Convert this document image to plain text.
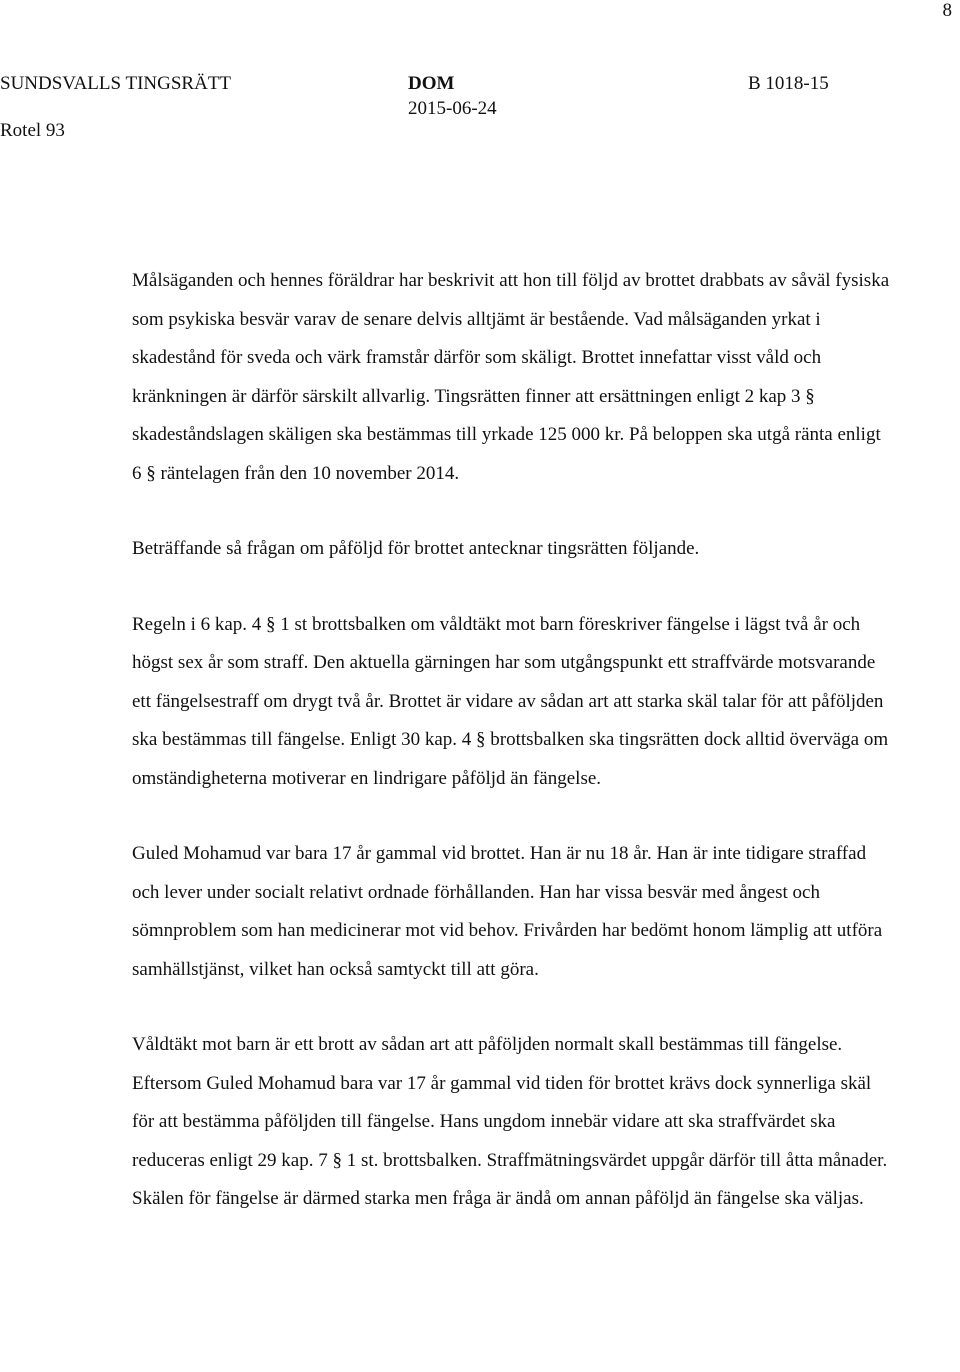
8
SUNDSVALLS TINGSRÄTT
Rotel 93
DOM
2015-06-24
B 1018-15

Målsäganden och hennes föräldrar har beskrivit att hon till följd av brottet drabbats av såväl fysiska som psykiska besvär varav de senare delvis alltjämt är bestående. Vad målsäganden yrkat i skadestånd för sveda och värk framstår därför som skäligt. Brottet innefattar visst våld och kränkningen är därför särskilt allvarlig. Tingsrätten finner att ersättningen enligt 2 kap 3 § skadeståndslagen skäligen ska bestämmas till yrkade 125 000 kr. På beloppen ska utgå ränta enligt 6 § räntelagen från den 10 november 2014.

Beträffande så frågan om påföljd för brottet antecknar tingsrätten följande.

Regeln i 6 kap. 4 § 1 st brottsbalken om våldtäkt mot barn föreskriver fängelse i lägst två år och högst sex år som straff. Den aktuella gärningen har som utgångspunkt ett straffvärde motsvarande ett fängelsestraff om drygt två år. Brottet är vidare av sådan art att starka skäl talar för att påföljden ska bestämmas till fängelse. Enligt 30 kap. 4 § brottsbalken ska tingsrätten dock alltid överväga om omständigheterna motiverar en lindrigare påföljd än fängelse.

Guled Mohamud var bara 17 år gammal vid brottet. Han är nu 18 år. Han är inte tidigare straffad och lever under socialt relativt ordnade förhållanden. Han har vissa besvär med ångest och sömnproblem som han medicinerar mot vid behov. Frivården har bedömt honom lämplig att utföra samhällstjänst, vilket han också samtyckt till att göra.

Våldtäkt mot barn är ett brott av sådan art att påföljden normalt skall bestämmas till fängelse. Eftersom Guled Mohamud bara var 17 år gammal vid tiden för brottet krävs dock synnerliga skäl för att bestämma påföljden till fängelse. Hans ungdom innebär vidare att ska straffvärdet ska reduceras enligt 29 kap. 7 § 1 st. brottsbalken. Straffmätningsvärdet uppgår därför till åtta månader. Skälen för fängelse är därmed starka men fråga är ändå om annan påföljd än fängelse ska väljas.
